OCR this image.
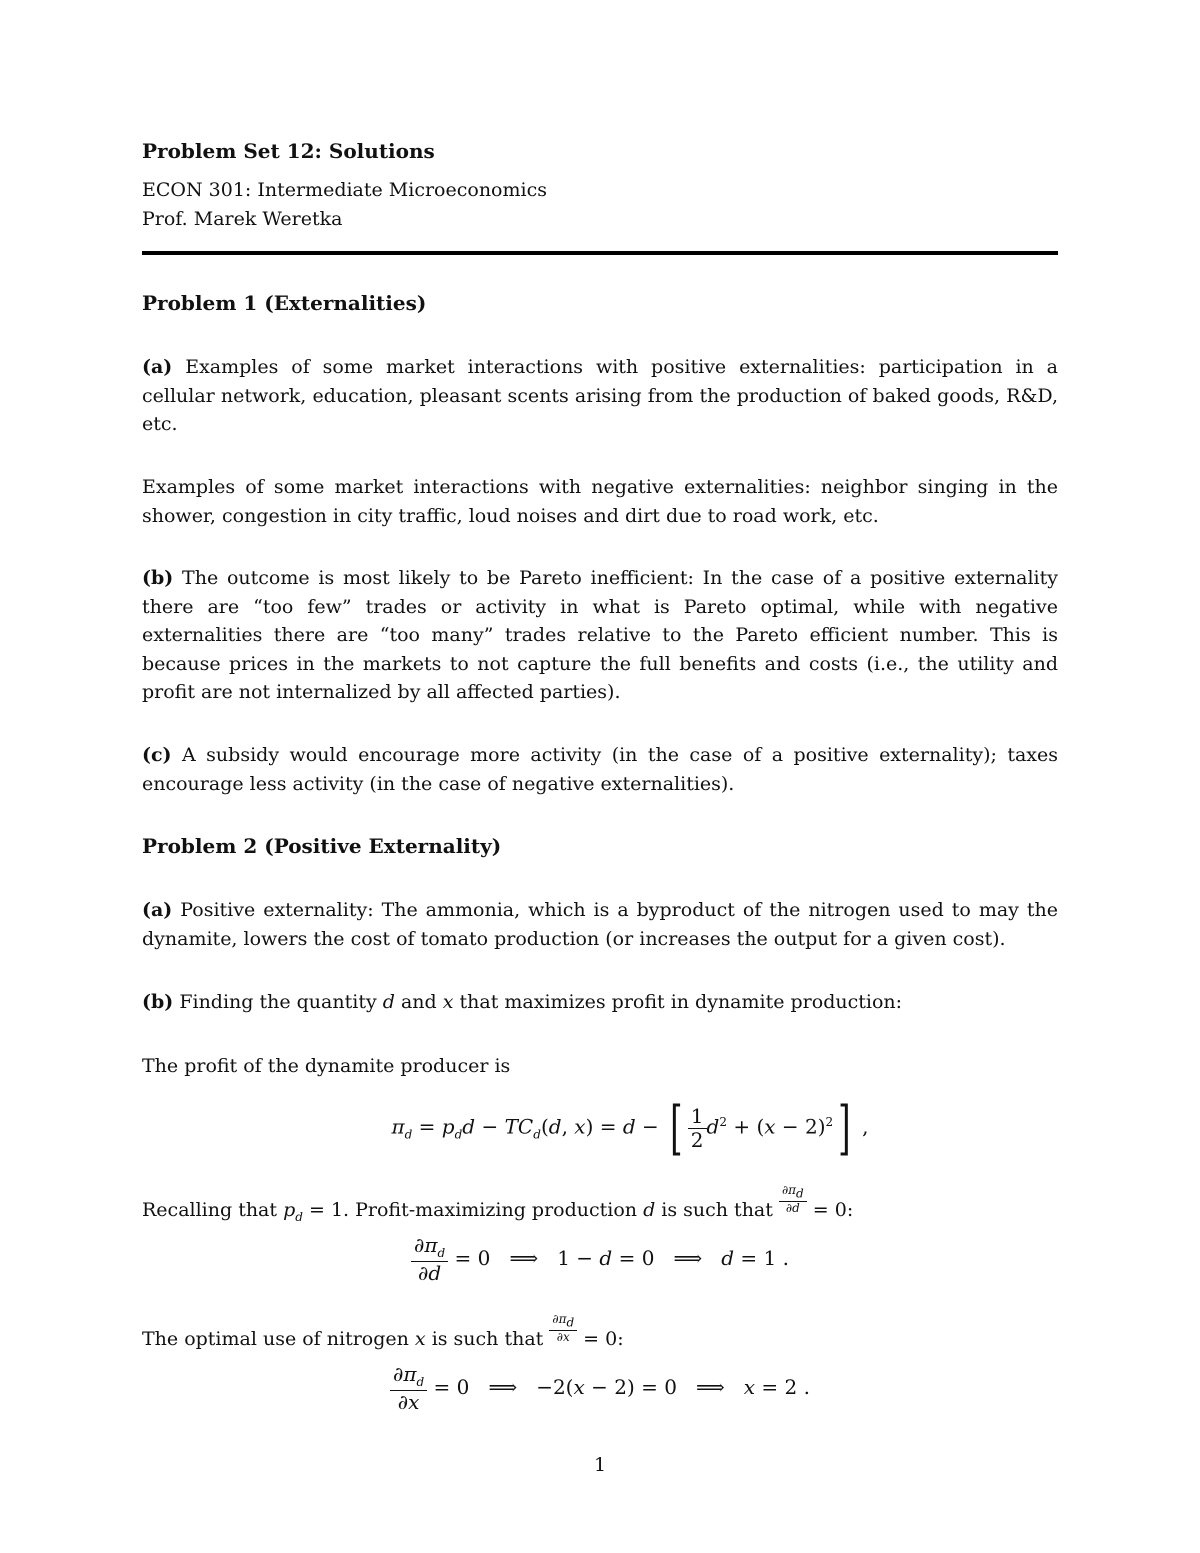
Problem Set 12: Solutions

ECON 301: Intermediate Microeconomics

Prof. Marek Weretka

Problem 1 (Externalities)

(a) Examples of some market interactions with positive externalities: participation in a cellular network, education, pleasant scents arising from the production of baked goods, R&D, etc.

Examples of some market interactions with negative externalities: neighbor singing in the shower, congestion in city traffic, loud noises and dirt due to road work, etc.

(b) The outcome is most likely to be Pareto inefficient: In the case of a positive externality there are “too few” trades or activity in what is Pareto optimal, while with negative externalities there are “too many” trades relative to the Pareto efficient number. This is because prices in the markets to not capture the full benefits and costs (i.e., the utility and profit are not internalized by all affected parties).

(c) A subsidy would encourage more activity (in the case of a positive externality); taxes encourage less activity (in the case of negative externalities).

Problem 2 (Positive Externality)

(a) Positive externality: The ammonia, which is a byproduct of the nitrogen used to may the dynamite, lowers the cost of tomato production (or increases the output for a given cost).

(b) Finding the quantity d and x that maximizes profit in dynamite production:

The profit of the dynamite producer is

$\pi_d = p_dd - TC_d(d$, x) = d − [ $\frac{1}{2} d^2 + (x - 2)^2$] ,

Recalling that $p_d = 1$. Profit-maximizing production d is such that $\frac{\partial\pi_d}{\partial d} = 0$:

$\frac{\partial\pi_d}{\partial d} = 0$   ⟹   1 − d = 0   ⟹   d = 1 .

The optimal use of nitrogen x is such that $\frac{\partial\pi_d}{\partial x} = 0$:

$\frac{\partial\pi_d}{\partial x} = 0$   ⟹   −2(x − 2) = 0   ⟹   x = 2 .
1
